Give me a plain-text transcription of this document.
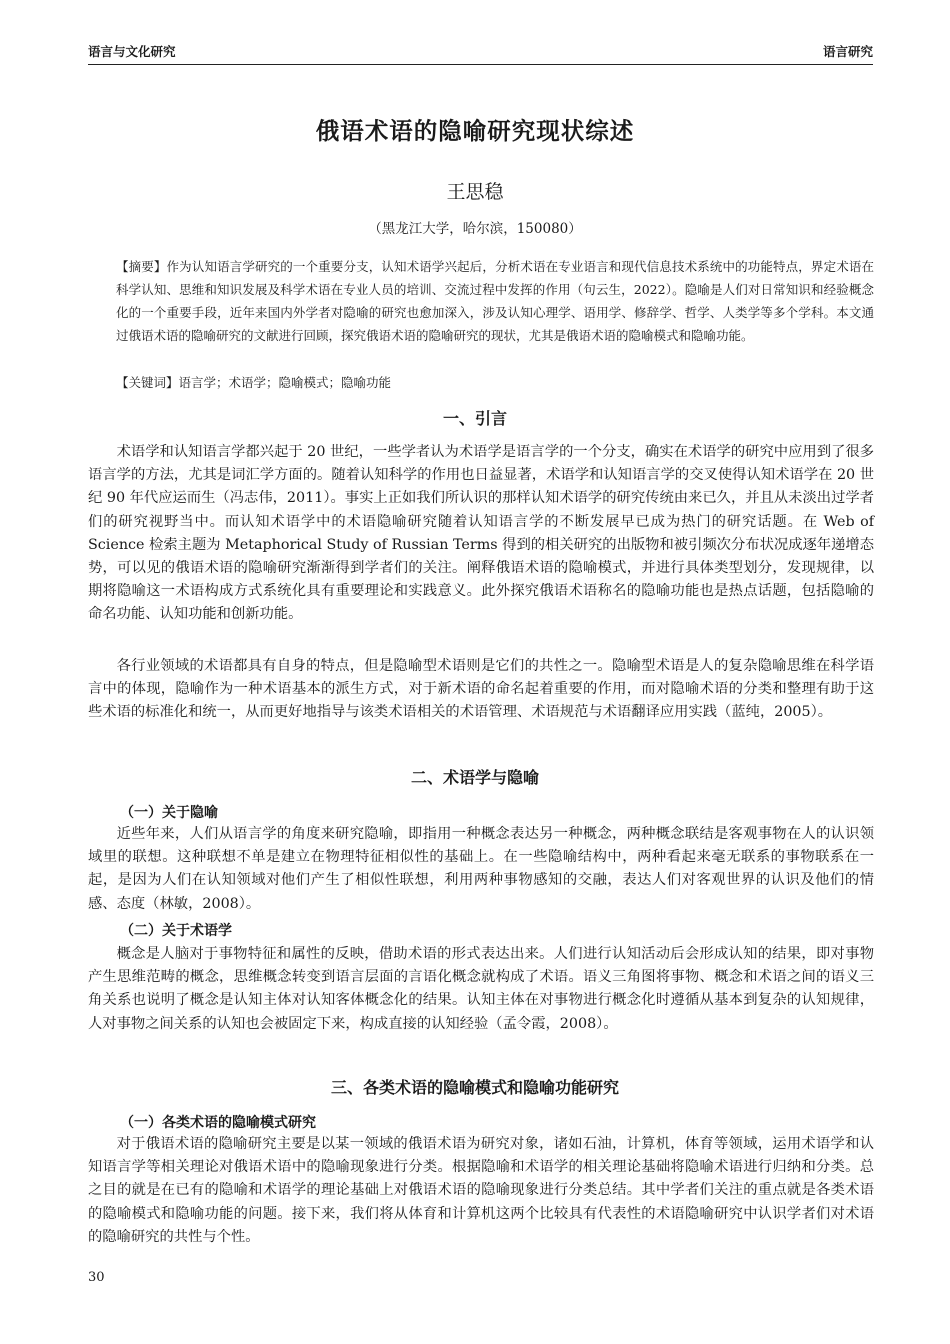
语言与文化研究	语言研究
俄语术语的隐喻研究现状综述
王思稳
（黑龙江大学，哈尔滨，150080）

【摘要】作为认知语言学研究的一个重要分支，认知术语学兴起后，分析术语在专业语言和现代信息技术系统中的功能特点，界定术语在科学认知、思维和知识发展及科学术语在专业人员的培训、交流过程中发挥的作用（句云生，2022）。隐喻是人们对日常知识和经验概念化的一个重要手段，近年来国内外学者对隐喻的研究也愈加深入，涉及认知心理学、语用学、修辞学、哲学、人类学等多个学科。本文通过俄语术语的隐喻研究的文献进行回顾，探究俄语术语的隐喻研究的现状，尤其是俄语术语的隐喻模式和隐喻功能。

【关键词】语言学；术语学；隐喻模式；隐喻功能

一、引言

术语学和认知语言学都兴起于 20 世纪，一些学者认为术语学是语言学的一个分支，确实在术语学的研究中应用到了很多语言学的方法，尤其是词汇学方面的。随着认知科学的作用也日益显著，术语学和认知语言学的交叉使得认知术语学在 20 世纪 90 年代应运而生（冯志伟，2011）。事实上正如我们所认识的那样认知术语学的研究传统由来已久，并且从未淡出过学者们的研究视野当中。而认知术语学中的术语隐喻研究随着认知语言学的不断发展早已成为热门的研究话题。在 Web of Science 检索主题为 Metaphorical Study of Russian Terms 得到的相关研究的出版物和被引频次分布状况成逐年递增态势，可以见的俄语术语的隐喻研究渐渐得到学者们的关注。阐释俄语术语的隐喻模式，并进行具体类型划分，发现规律，以期将隐喻这一术语构成方式系统化具有重要理论和实践意义。此外探究俄语术语称名的隐喻功能也是热点话题，包括隐喻的命名功能、认知功能和创新功能。

各行业领域的术语都具有自身的特点，但是隐喻型术语则是它们的共性之一。隐喻型术语是人的复杂隐喻思维在科学语言中的体现，隐喻作为一种术语基本的派生方式，对于新术语的命名起着重要的作用，而对隐喻术语的分类和整理有助于这些术语的标准化和统一，从而更好地指导与该类术语相关的术语管理、术语规范与术语翻译应用实践（蓝纯，2005）。

二、术语学与隐喻
（一）关于隐喻

近些年来，人们从语言学的角度来研究隐喻，即指用一种概念表达另一种概念，两种概念联结是客观事物在人的认识领域里的联想。这种联想不单是建立在物理特征相似性的基础上。在一些隐喻结构中，两种看起来毫无联系的事物联系在一起，是因为人们在认知领域对他们产生了相似性联想，利用两种事物感知的交融，表达人们对客观世界的认识及他们的情感、态度（林敏，2008）。

（二）关于术语学

概念是人脑对于事物特征和属性的反映，借助术语的形式表达出来。人们进行认知活动后会形成认知的结果，即对事物产生思维范畴的概念，思维概念转变到语言层面的言语化概念就构成了术语。语义三角图将事物、概念和术语之间的语义三角关系也说明了概念是认知主体对认知客体概念化的结果。认知主体在对事物进行概念化时遵循从基本到复杂的认知规律，人对事物之间关系的认知也会被固定下来，构成直接的认知经验（孟令霞，2008）。

三、各类术语的隐喻模式和隐喻功能研究
（一）各类术语的隐喻模式研究

对于俄语术语的隐喻研究主要是以某一领域的俄语术语为研究对象，诸如石油，计算机，体育等领域，运用术语学和认知语言学等相关理论对俄语术语中的隐喻现象进行分类。根据隐喻和术语学的相关理论基础将隐喻术语进行归纳和分类。总之目的就是在已有的隐喻和术语学的理论基础上对俄语术语的隐喻现象进行分类总结。其中学者们关注的重点就是各类术语的隐喻模式和隐喻功能的问题。接下来，我们将从体育和计算机这两个比较具有代表性的术语隐喻研究中认识学者们对术语的隐喻研究的共性与个性。

30
